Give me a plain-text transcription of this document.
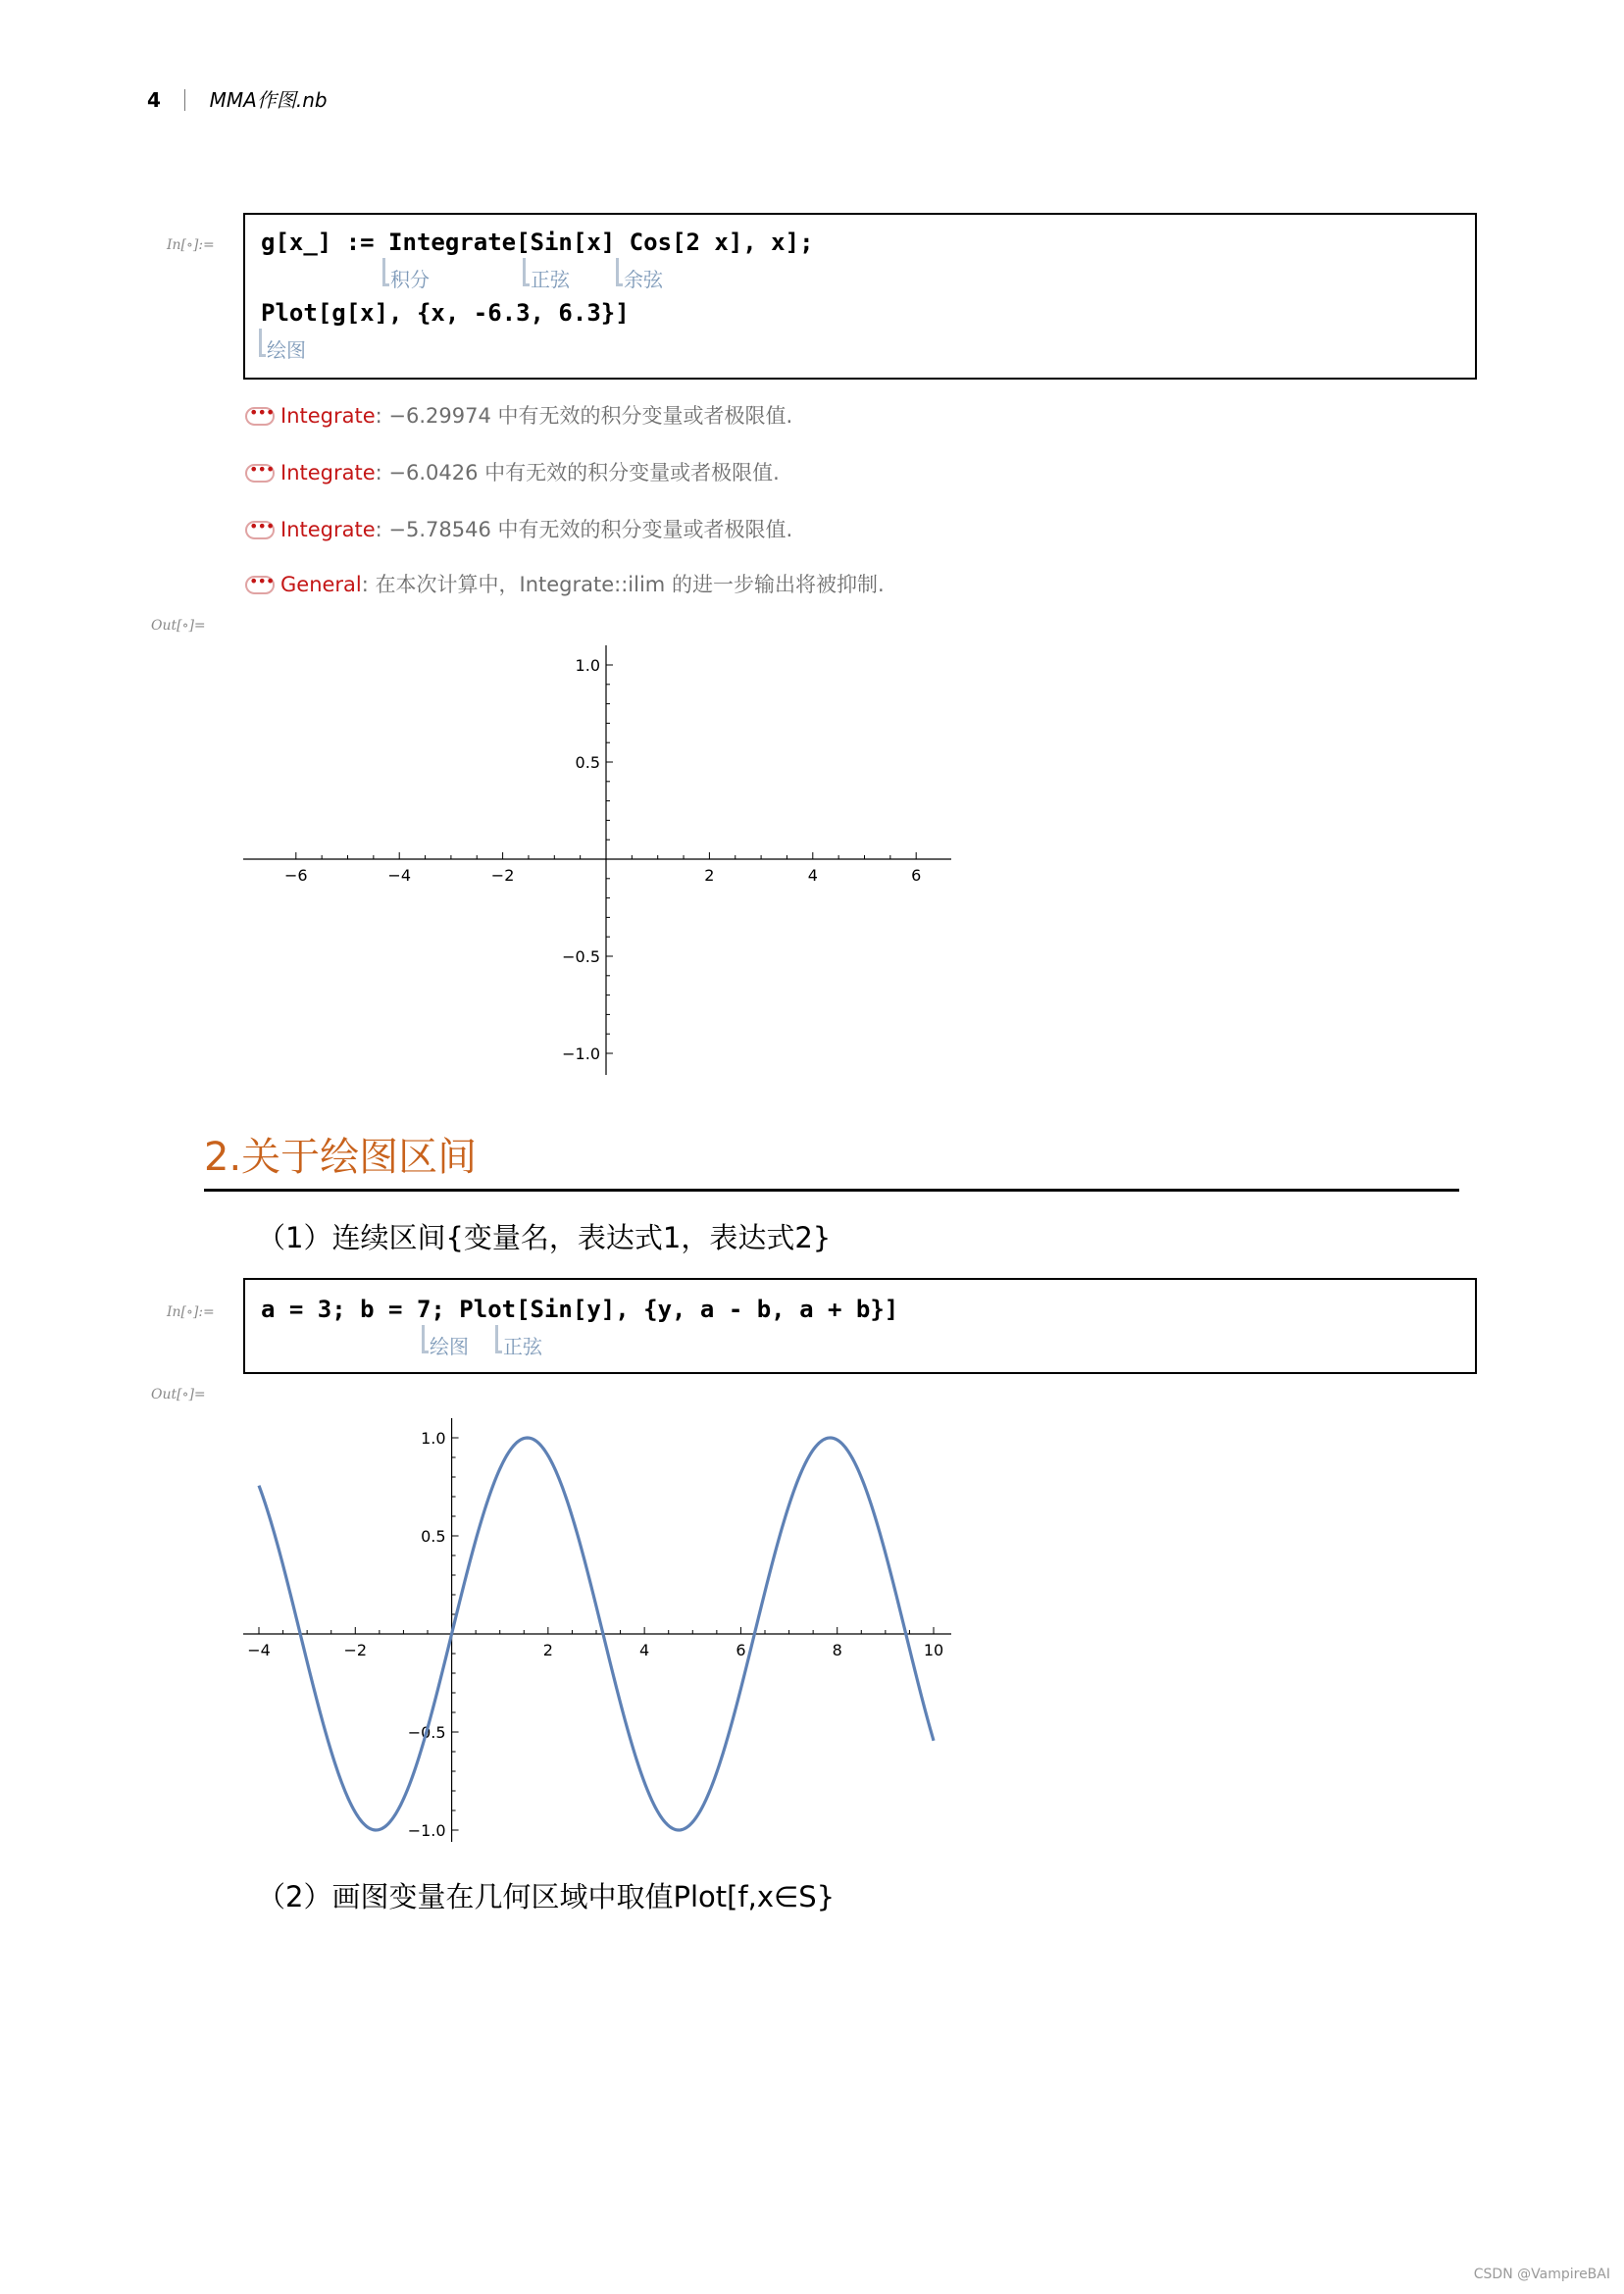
4 MMA作图.nb
In[∘]:= g[x_] := Integrate[Sin[x] Cos[2 x], x];
积分	正弦	余弦
Plot[g[x], {x, -6.3, 6.3}]
绘图
•••Integrate: −6.29974 中有无效的积分变量或者极限值.
•••Integrate: −6.0426 中有无效的积分变量或者极限值.
•••Integrate: −5.78546 中有无效的积分变量或者极限值.
•••General: 在本次计算中，Integrate::ilim 的进一步输出将被抑制.
Out[∘]=
−6	−4	−2	2	4	6
1.0
0.5
−0.5
−1.0
2.关于绘图区间
（1）连续区间{变量名，表达式1，表达式2}
In[∘]:= a = 3; b = 7; Plot[Sin[y], {y, a - b, a + b}]
绘图	正弦
Out[∘]=
−4	−2	2	4	6	8	10
1.0
0.5
−0.5
−1.0
（2）画图变量在几何区域中取值Plot[f,x∈S}
CSDN @VampireBAI
